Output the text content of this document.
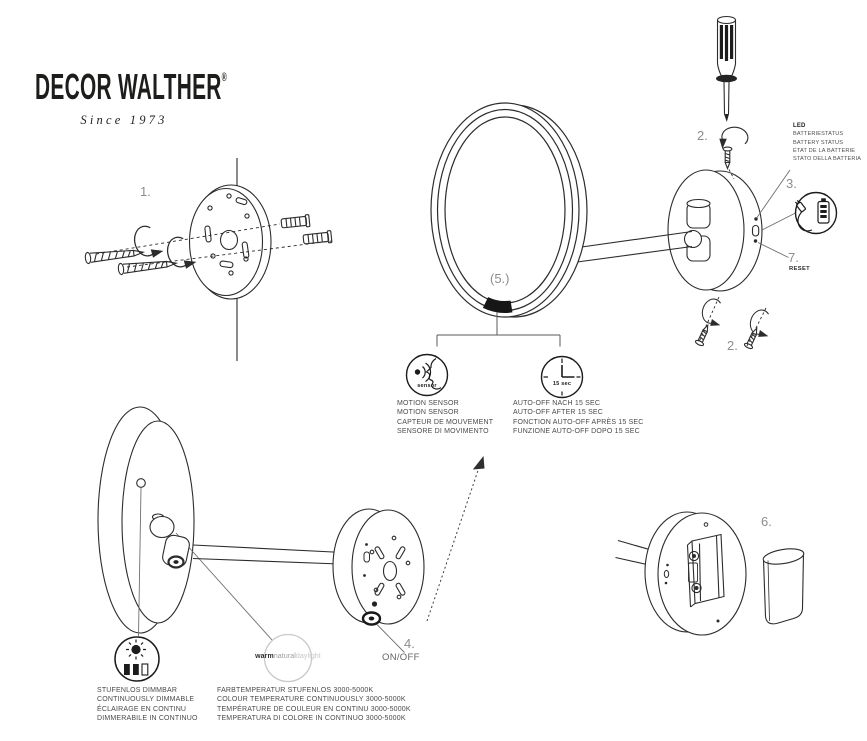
DECOR WALTHER®
Since 1973
1.
2.
2.
3.
4.
(5.)
6.
7.
RESET
ON/OFF
LED
BATTERIESTATUS
BATTERY STATUS
ÉTAT DE LA BATTERIE
STATO DELLA BATTERIA
sensor	15 sec
warmnaturaldaylight
MOTION SENSOR
MOTION SENSOR
CAPTEUR DE MOUVEMENT
SENSORE DI MOVIMENTO
AUTO-OFF NACH 15 SEC
AUTO-OFF AFTER 15 SEC
FONCTION AUTO-OFF APRÈS 15 SEC
FUNZIONE AUTO-OFF DOPO 15 SEC
STUFENLOS DIMMBAR
CONTINUOUSLY DIMMABLE
ÉCLAIRAGE EN CONTINU
DIMMERABILE IN CONTINUO
FARBTEMPERATUR STUFENLOS 3000-5000K
COLOUR TEMPERATURE CONTINUOUSLY 3000-5000K
TEMPÉRATURE DE COULEUR EN CONTINU 3000-5000K
TEMPERATURA DI COLORE IN CONTINUO 3000-5000K
